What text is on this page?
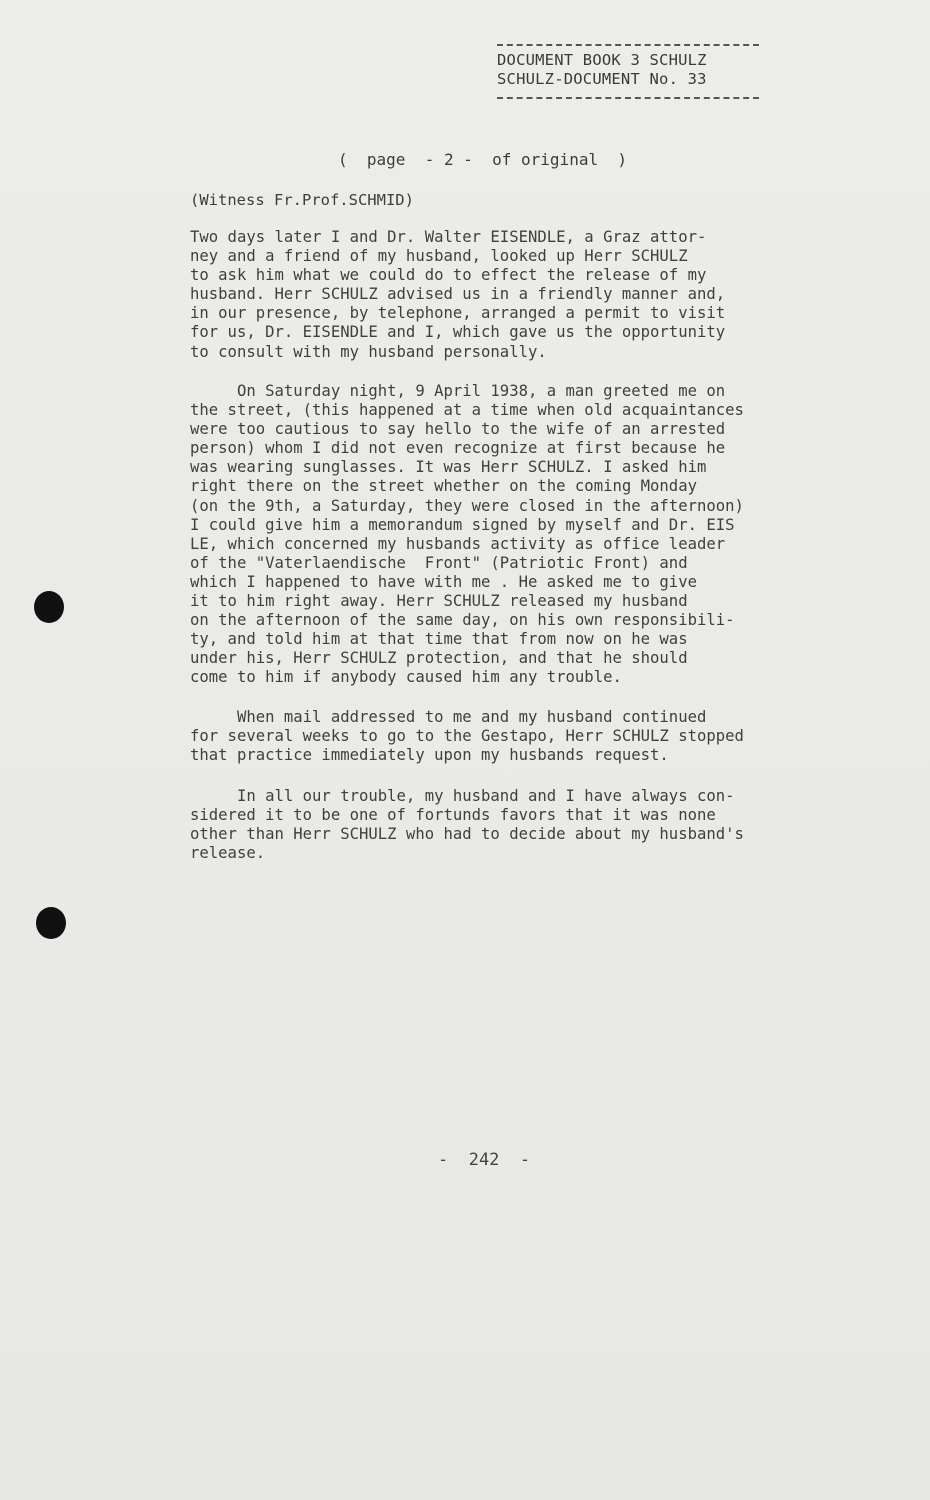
DOCUMENT BOOK 3 SCHULZ
SCHULZ-DOCUMENT No. 33
(  page  - 2 -  of original  )
(Witness Fr.Prof.SCHMID)
Two days later I and Dr. Walter EISENDLE, a Graz attor-
ney and a friend of my husband, looked up Herr SCHULZ
to ask him what we could do to effect the release of my
husband. Herr SCHULZ advised us in a friendly manner and,
in our presence, by telephone, arranged a permit to visit
for us, Dr. EISENDLE and I, which gave us the opportunity
to consult with my husband personally.
On Saturday night, 9 April 1938, a man greeted me on
the street, (this happened at a time when old acquaintances
were too cautious to say hello to the wife of an arrested
person) whom I did not even recognize at first because he
was wearing sunglasses. It was Herr SCHULZ. I asked him
right there on the street whether on the coming Monday
(on the 9th, a Saturday, they were closed in the afternoon)
I could give him a memorandum signed by myself and Dr. EIS
LE, which concerned my husbands activity as office leader
of the "Vaterlaendische  Front" (Patriotic Front) and
which I happened to have with me . He asked me to give
it to him right away. Herr SCHULZ released my husband
on the afternoon of the same day, on his own responsibili-
ty, and told him at that time that from now on he was
under his, Herr SCHULZ protection, and that he should
come to him if anybody caused him any trouble.
When mail addressed to me and my husband continued
for several weeks to go to the Gestapo, Herr SCHULZ stopped
that practice immediately upon my husbands request.
In all our trouble, my husband and I have always con-
sidered it to be one of fortunds favors that it was none
other than Herr SCHULZ who had to decide about my husband's
release.
-  242  -
